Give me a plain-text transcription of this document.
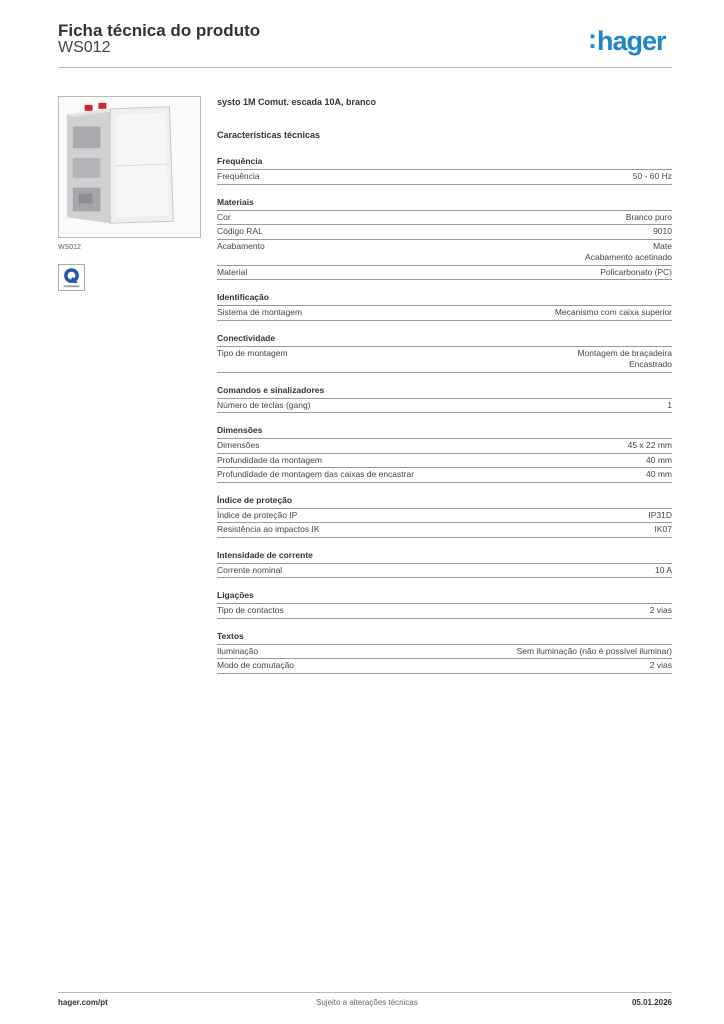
Ficha técnica do produto
WS012	:hager
WS012
systo 1M Comut. escada 10A, branco
Características técnicas
Frequência
Frequência	50 - 60 Hz
Materiais
Cor	Branco puro
Código RAL	9010
Acabamento	Mate
Acabamento acetinado
Material	Policarbonato (PC)
Identificação
Sistema de montagem	Mecanismo com caixa superior
Conectividade
Tipo de montagem	Montagem de braçadeira
Encastrado
Comandos e sinalizadores
Número de teclas (gang)	1
Dimensões
Dimensões	45 x 22 mm
Profundidade da montagem	40 mm
Profundidade de montagem das caixas de encastrar	40 mm
Índice de proteção
Índice de proteção IP	IP31D
Resistência ao impactos IK	IK07
Intensidade de corrente
Corrente nominal	10 A
Ligações
Tipo de contactos	2 vias
Textos
Iluminação	Sem iluminação (não é possível iluminar)
Modo de comutação	2 vias
hager.com/pt	Sujeito a alterações técnicas	05.01.2026
